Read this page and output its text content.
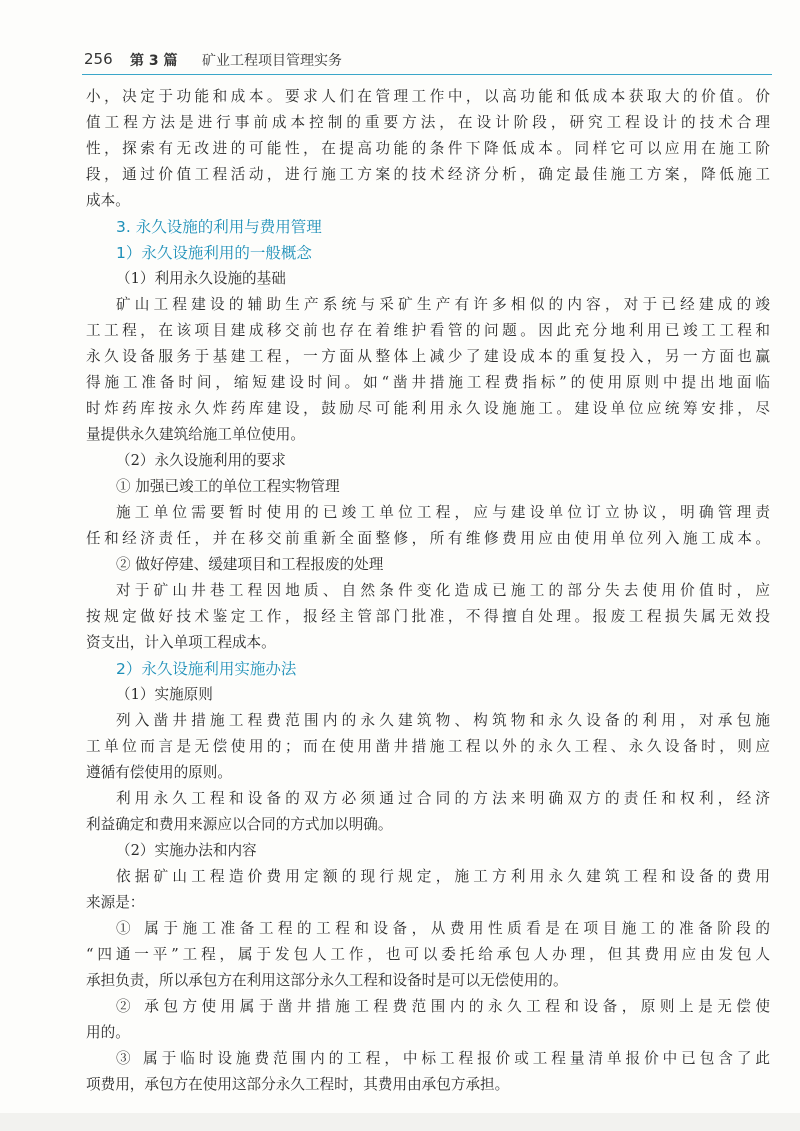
256 第 3 篇 矿业工程项目管理实务
小，决定于功能和成本。要求人们在管理工作中，以高功能和低成本获取大的价值。价
值工程方法是进行事前成本控制的重要方法，在设计阶段，研究工程设计的技术合理
性，探索有无改进的可能性，在提高功能的条件下降低成本。同样它可以应用在施工阶
段，通过价值工程活动，进行施工方案的技术经济分析，确定最佳施工方案，降低施工
成本。
3. 永久设施的利用与费用管理
1）永久设施利用的一般概念
（1）利用永久设施的基础
矿山工程建设的辅助生产系统与采矿生产有许多相似的内容，对于已经建成的竣
工工程，在该项目建成移交前也存在着维护看管的问题。因此充分地利用已竣工工程和
永久设备服务于基建工程，一方面从整体上减少了建设成本的重复投入，另一方面也赢
得施工准备时间，缩短建设时间。如“凿井措施工程费指标”的使用原则中提出地面临
时炸药库按永久炸药库建设，鼓励尽可能利用永久设施施工。建设单位应统筹安排，尽
量提供永久建筑给施工单位使用。
（2）永久设施利用的要求
① 加强已竣工的单位工程实物管理
施工单位需要暂时使用的已竣工单位工程，应与建设单位订立协议，明确管理责
任和经济责任，并在移交前重新全面整修，所有维修费用应由使用单位列入施工成本。
② 做好停建、缓建项目和工程报废的处理
对于矿山井巷工程因地质、自然条件变化造成已施工的部分失去使用价值时，应
按规定做好技术鉴定工作，报经主管部门批准，不得擅自处理。报废工程损失属无效投
资支出，计入单项工程成本。
2）永久设施利用实施办法
（1）实施原则
列入凿井措施工程费范围内的永久建筑物、构筑物和永久设备的利用，对承包施
工单位而言是无偿使用的；而在使用凿井措施工程以外的永久工程、永久设备时，则应
遵循有偿使用的原则。
利用永久工程和设备的双方必须通过合同的方法来明确双方的责任和权利，经济
利益确定和费用来源应以合同的方式加以明确。
（2）实施办法和内容
依据矿山工程造价费用定额的现行规定，施工方利用永久建筑工程和设备的费用
来源是：
① 属于施工准备工程的工程和设备，从费用性质看是在项目施工的准备阶段的
“四通一平”工程，属于发包人工作，也可以委托给承包人办理，但其费用应由发包人
承担负责，所以承包方在利用这部分永久工程和设备时是可以无偿使用的。
② 承包方使用属于凿井措施工程费范围内的永久工程和设备，原则上是无偿使
用的。
③ 属于临时设施费范围内的工程，中标工程报价或工程量清单报价中已包含了此
项费用，承包方在使用这部分永久工程时，其费用由承包方承担。
